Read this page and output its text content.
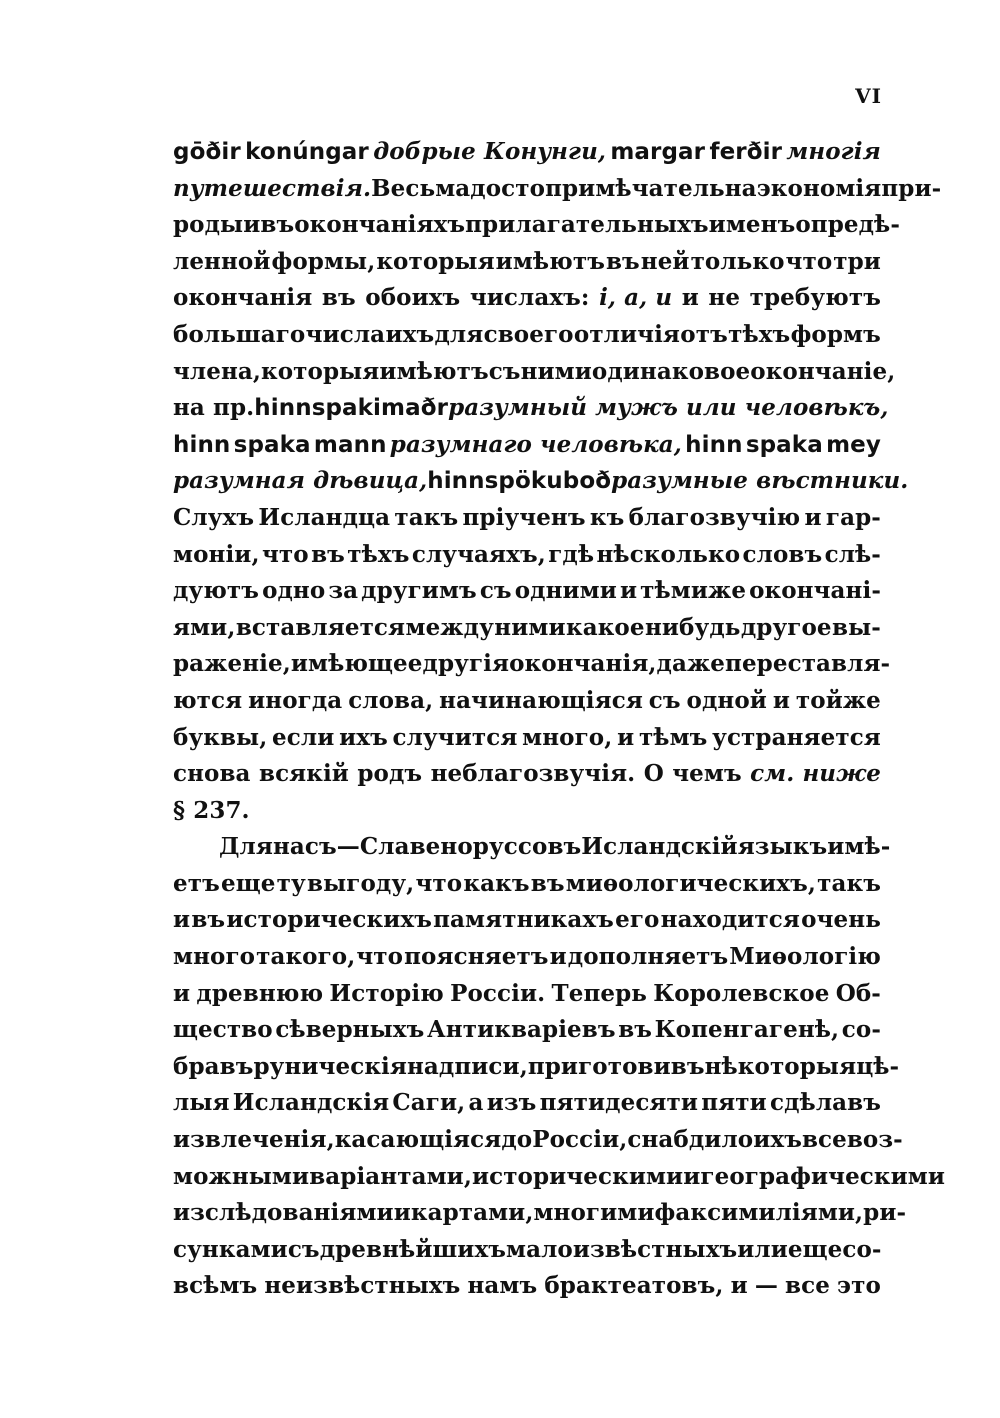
VI
gōðir konúngar добрые Конунги, margar ferðir многія
путешествія. Весьма достопримѣчательна экономія при-
роды и въ окончаніяхъ прилагательныхъ именъ опредѣ-
ленной формы, которыя имѣютъ въ ней только что три
окончанія въ обоихъ числахъ: i, a, u и не требуютъ
большаго числа ихъ для своего отличія отъ тѣхъ формъ
члена, которыя имѣютъ съ ними одинаковое окончаніе,
на пр. hinn spaki maðr разумный мужъ или человѣкъ,
hinn spaka mann разумнаго человѣка, hinn spaka mey
разумная дѣвица, hinn spöku boð разумные вѣстники.
Слухъ Исландца такъ пріученъ къ благозвучію и гар-
моніи, что въ тѣхъ случаяхъ, гдѣ нѣсколько словъ слѣ-
дуютъ одно за другимъ съ одними и тѣмиже окончані-
ями, вставляется между ними какое нибудь другое вы-
раженіе, имѣющее другія окончанія, даже переставля-
ются иногда слова, начинающіяся съ одной и тойже
буквы, если ихъ случится много, и тѣмъ устраняется
снова всякій родъ неблагозвучія. О чемъ см. ниже
§ 237.
Для насъ — Славеноруссовъ Исландскій языкъ имѣ-
етъ еще ту выгоду, что какъ въ миѳологическихъ, такъ
и въ историческихъ памятникахъ его находится очень
много такого, что поясняетъ и дополняетъ Миѳологію
и древнюю Исторію Россіи. Теперь Королевское Об-
щество сѣверныхъ Антикваріевъ въ Копенгагенѣ, со-
бравъ руническія надписи, приготовивъ нѣкоторыя цѣ-
лыя Исландскія Саги, а изъ пятидесяти пяти сдѣлавъ
извлеченія, касающіяся до Россіи, снабдило ихъ всевоз-
можными варіантами, историческими и географическими
изслѣдованіями и картами, многими факсимиліями, ри-
сунками съ древнѣйшихъ мало извѣстныхъ или еще со-
всѣмъ неизвѣстныхъ намъ брактеатовъ, и — все это
